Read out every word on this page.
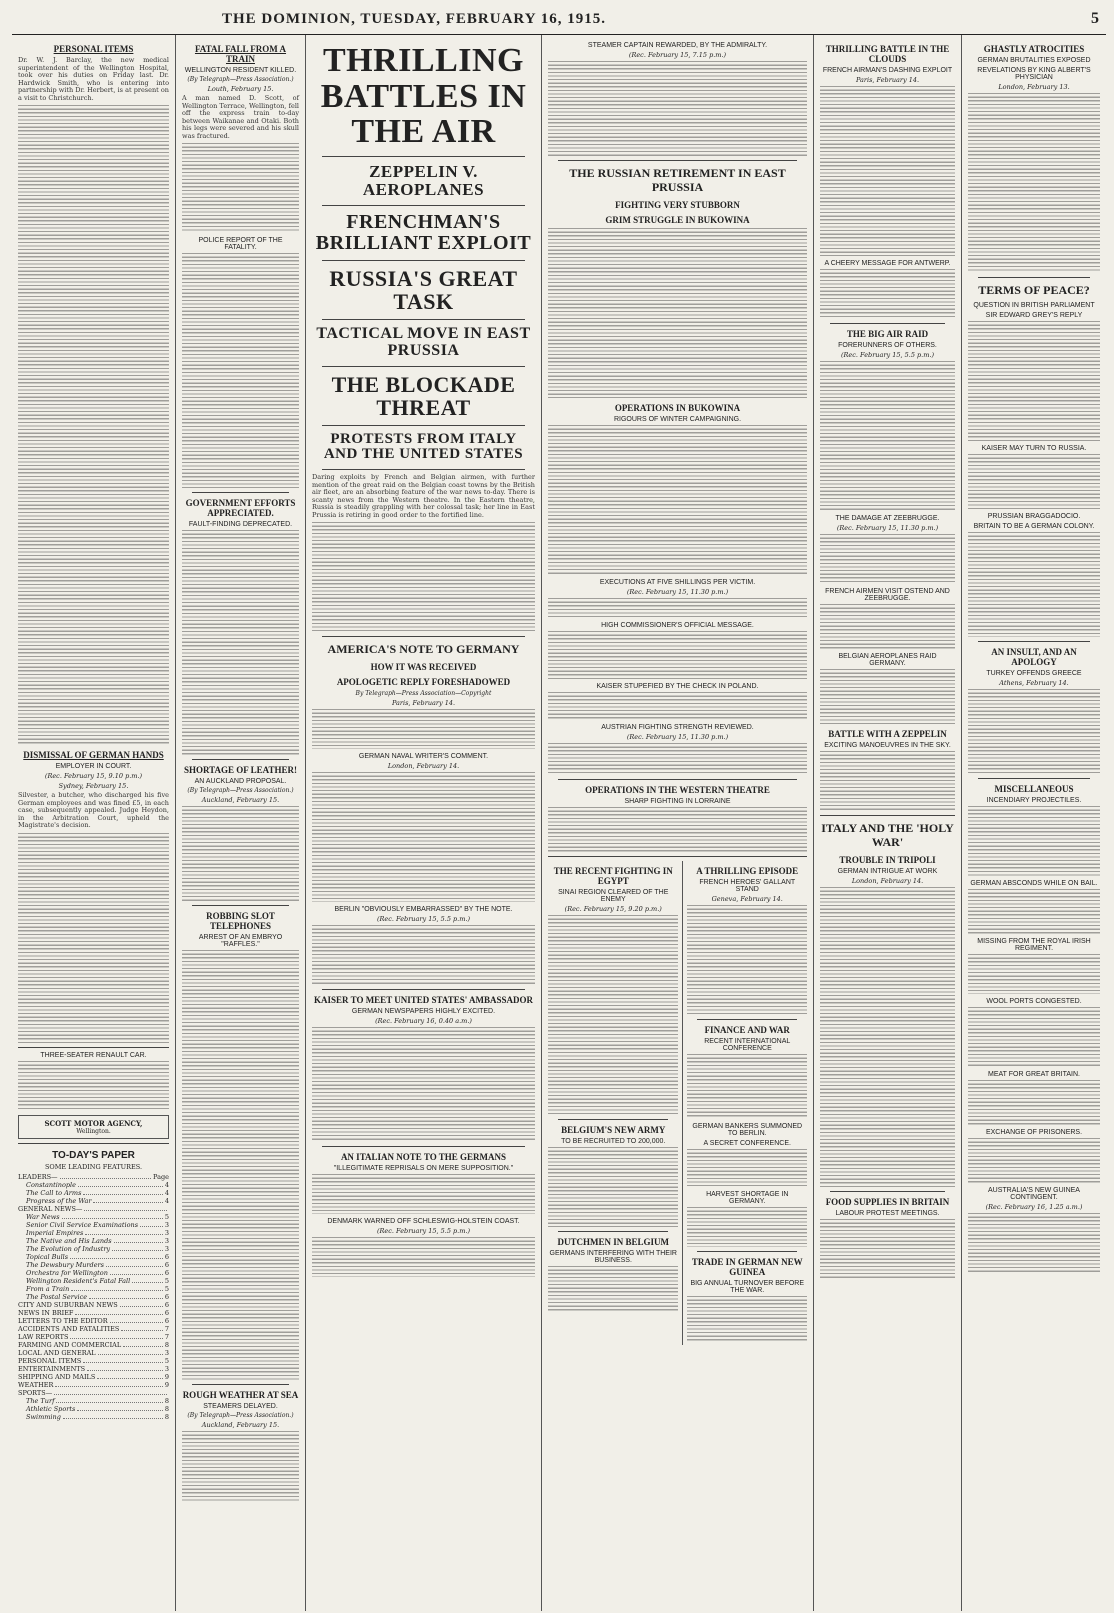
THE DOMINION, TUESDAY, FEBRUARY 16, 1915.	5
PERSONAL ITEMS

Dr. W. J. Barclay, the new medical superintendent of the Wellington Hospital, took over his duties on Friday last. Dr. Hardwick Smith, who is entering into partnership with Dr. Herbert, is at present on a visit to Christchurch.

DISMISSAL OF GERMAN HANDS
EMPLOYER IN COURT.
(Rec. February 15, 9.10 p.m.)
Sydney, February 15.

Silvester, a butcher, who discharged his five German employees and was fined £5, in each case, subsequently appealed. Judge Heydon, in the Arbitration Court, upheld the Magistrate's decision.

THREE-SEATER RENAULT CAR.
SCOTT MOTOR AGENCY,
Wellington.
TO-DAY'S PAPER
SOME LEADING FEATURES.
LEADERS—	Page
Constantinople	4
The Call to Arms	4
Progress of the War	4
GENERAL NEWS—
War News	5
Senior Civil Service Examinations	3
Imperial Empires	3
The Native and His Lands	3
The Evolution of Industry	3
Topical Bulls	6
The Dewsbury Murders	6
Orchestra for Wellington	6
Wellington Resident's Fatal Fall	5
From a Train	5
The Postal Service	6
CITY AND SUBURBAN NEWS	6
NEWS IN BRIEF	6
LETTERS TO THE EDITOR	6
ACCIDENTS AND FATALITIES	7
LAW REPORTS	7
FARMING AND COMMERCIAL	8
LOCAL AND GENERAL	3
PERSONAL ITEMS	5
ENTERTAINMENTS	3
SHIPPING AND MAILS	9
WEATHER	9
SPORTS—
The Turf	8
Athletic Sports	8
Swimming	8
FATAL FALL FROM A TRAIN
WELLINGTON RESIDENT KILLED.
(By Telegraph—Press Association.)
Louth, February 15.

A man named D. Scott, of Wellington Terrace, Wellington, fell off the express train to-day between Waikanae and Otaki. Both his legs were severed and his skull was fractured.

POLICE REPORT OF THE FATALITY.
GOVERNMENT EFFORTS APPRECIATED.
FAULT-FINDING DEPRECATED.
SHORTAGE OF LEATHER!
AN AUCKLAND PROPOSAL.
(By Telegraph—Press Association.)
Auckland, February 15.
ROBBING SLOT TELEPHONES
ARREST OF AN EMBRYO "RAFFLES."
ROUGH WEATHER AT SEA
STEAMERS DELAYED.
(By Telegraph—Press Association.)
Auckland, February 15.
THRILLING BATTLES IN THE AIR
ZEPPELIN V. AEROPLANES
FRENCHMAN'S BRILLIANT EXPLOIT
RUSSIA'S GREAT TASK
TACTICAL MOVE IN EAST PRUSSIA
THE BLOCKADE THREAT
PROTESTS FROM ITALY AND THE UNITED STATES

Daring exploits by French and Belgian airmen, with further mention of the great raid on the Belgian coast towns by the British air fleet, are an absorbing feature of the war news to-day. There is scanty news from the Western theatre. In the Eastern theatre, Russia is steadily grappling with her colossal task; her line in East Prussia is retiring in good order to the fortified line.

AMERICA'S NOTE TO GERMANY
HOW IT WAS RECEIVED
APOLOGETIC REPLY FORESHADOWED
By Telegraph—Press Association—Copyright
Paris, February 14.
GERMAN NAVAL WRITER'S COMMENT.
London, February 14.
BERLIN "OBVIOUSLY EMBARRASSED" BY THE NOTE.
(Rec. February 15, 5.5 p.m.)
KAISER TO MEET UNITED STATES' AMBASSADOR
GERMAN NEWSPAPERS HIGHLY EXCITED.
(Rec. February 16, 0.40 a.m.)
AN ITALIAN NOTE TO THE GERMANS
"ILLEGITIMATE REPRISALS ON MERE SUPPOSITION."
DENMARK WARNED OFF SCHLESWIG-HOLSTEIN COAST.
(Rec. February 15, 5.5 p.m.)
STEAMER CAPTAIN REWARDED, BY THE ADMIRALTY.
(Rec. February 15, 7.15 p.m.)
THE RUSSIAN RETIREMENT IN EAST PRUSSIA
FIGHTING VERY STUBBORN
GRIM STRUGGLE IN BUKOWINA
OPERATIONS IN BUKOWINA
RIGOURS OF WINTER CAMPAIGNING.
EXECUTIONS AT FIVE SHILLINGS PER VICTIM.
(Rec. February 15, 11.30 p.m.)
HIGH COMMISSIONER'S OFFICIAL MESSAGE.
KAISER STUPEFIED BY THE CHECK IN POLAND.
AUSTRIAN FIGHTING STRENGTH REVIEWED.
(Rec. February 15, 11.30 p.m.)
OPERATIONS IN THE WESTERN THEATRE
SHARP FIGHTING IN LORRAINE
THE RECENT FIGHTING IN EGYPT
SINAI REGION CLEARED OF THE ENEMY
(Rec. February 15, 9.20 p.m.)
BELGIUM'S NEW ARMY
TO BE RECRUITED TO 200,000.
DUTCHMEN IN BELGIUM
GERMANS INTERFERING WITH THEIR BUSINESS.
A THRILLING EPISODE
FRENCH HEROES' GALLANT STAND
Geneva, February 14.
FINANCE AND WAR
RECENT INTERNATIONAL CONFERENCE
GERMAN BANKERS SUMMONED TO BERLIN.
A SECRET CONFERENCE.
HARVEST SHORTAGE IN GERMANY.
TRADE IN GERMAN NEW GUINEA
BIG ANNUAL TURNOVER BEFORE THE WAR.
THRILLING BATTLE IN THE CLOUDS
FRENCH AIRMAN'S DASHING EXPLOIT
Paris, February 14.
A CHEERY MESSAGE FOR ANTWERP.
THE BIG AIR RAID
FORERUNNERS OF OTHERS.
(Rec. February 15, 5.5 p.m.)
THE DAMAGE AT ZEEBRUGGE.
(Rec. February 15, 11.30 p.m.)
FRENCH AIRMEN VISIT OSTEND AND ZEEBRUGGE.
BELGIAN AEROPLANES RAID GERMANY.
BATTLE WITH A ZEPPELIN
EXCITING MANOEUVRES IN THE SKY.
ITALY AND THE 'HOLY WAR'
TROUBLE IN TRIPOLI
GERMAN INTRIGUE AT WORK
London, February 14.
FOOD SUPPLIES IN BRITAIN
LABOUR PROTEST MEETINGS.
GHASTLY ATROCITIES
GERMAN BRUTALITIES EXPOSED
REVELATIONS BY KING ALBERT'S PHYSICIAN
London, February 13.
TERMS OF PEACE?
QUESTION IN BRITISH PARLIAMENT
SIR EDWARD GREY'S REPLY
KAISER MAY TURN TO RUSSIA.
PRUSSIAN BRAGGADOCIO.
BRITAIN TO BE A GERMAN COLONY.
AN INSULT, AND AN APOLOGY
TURKEY OFFENDS GREECE
Athens, February 14.
MISCELLANEOUS
INCENDIARY PROJECTILES.
GERMAN ABSCONDS WHILE ON BAIL.
MISSING FROM THE ROYAL IRISH REGIMENT.
WOOL PORTS CONGESTED.
MEAT FOR GREAT BRITAIN.
EXCHANGE OF PRISONERS.
AUSTRALIA'S NEW GUINEA CONTINGENT.
(Rec. February 16, 1.25 a.m.)
